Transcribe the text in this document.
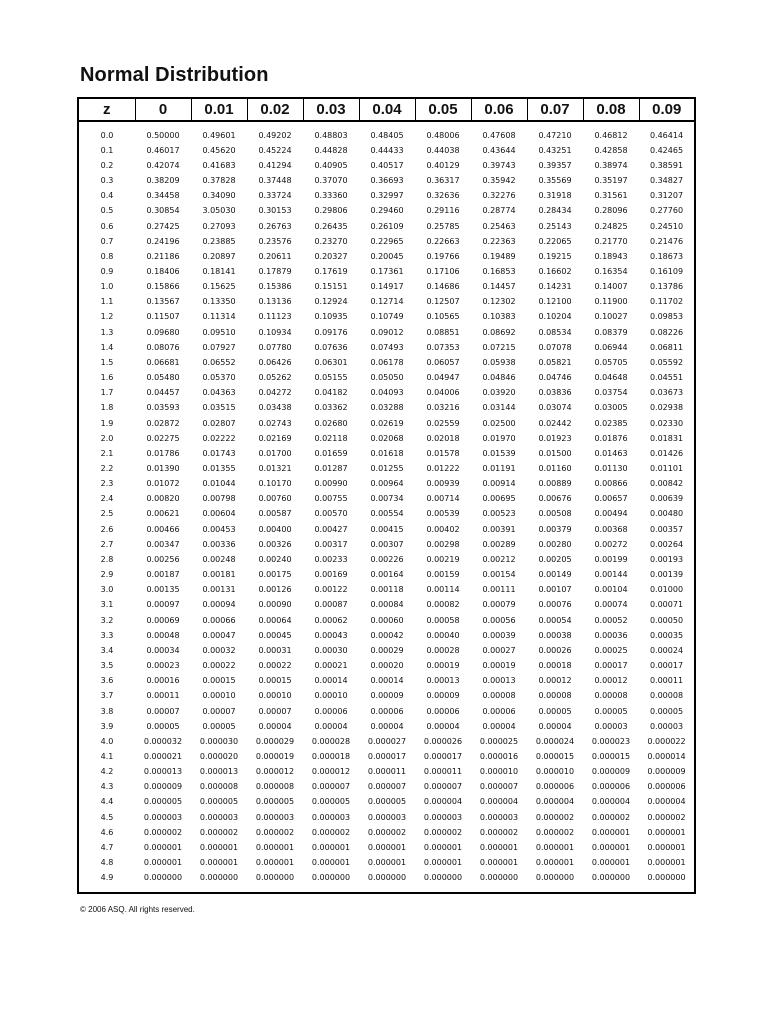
Normal Distribution
z	0	0.01	0.02	0.03	0.04	0.05	0.06	0.07	0.08	0.09

0.0	0.50000	0.49601	0.49202	0.48803	0.48405	0.48006	0.47608	0.47210	0.46812	0.46414
0.1	0.46017	0.45620	0.45224	0.44828	0.44433	0.44038	0.43644	0.43251	0.42858	0.42465
0.2	0.42074	0.41683	0.41294	0.40905	0.40517	0.40129	0.39743	0.39357	0.38974	0.38591
0.3	0.38209	0.37828	0.37448	0.37070	0.36693	0.36317	0.35942	0.35569	0.35197	0.34827
0.4	0.34458	0.34090	0.33724	0.33360	0.32997	0.32636	0.32276	0.31918	0.31561	0.31207
0.5	0.30854	3.05030	0.30153	0.29806	0.29460	0.29116	0.28774	0.28434	0.28096	0.27760
0.6	0.27425	0.27093	0.26763	0.26435	0.26109	0.25785	0.25463	0.25143	0.24825	0.24510
0.7	0.24196	0.23885	0.23576	0.23270	0.22965	0.22663	0.22363	0.22065	0.21770	0.21476
0.8	0.21186	0.20897	0.20611	0.20327	0.20045	0.19766	0.19489	0.19215	0.18943	0.18673
0.9	0.18406	0.18141	0.17879	0.17619	0.17361	0.17106	0.16853	0.16602	0.16354	0.16109
1.0	0.15866	0.15625	0.15386	0.15151	0.14917	0.14686	0.14457	0.14231	0.14007	0.13786
1.1	0.13567	0.13350	0.13136	0.12924	0.12714	0.12507	0.12302	0.12100	0.11900	0.11702
1.2	0.11507	0.11314	0.11123	0.10935	0.10749	0.10565	0.10383	0.10204	0.10027	0.09853
1.3	0.09680	0.09510	0.10934	0.09176	0.09012	0.08851	0.08692	0.08534	0.08379	0.08226
1.4	0.08076	0.07927	0.07780	0.07636	0.07493	0.07353	0.07215	0.07078	0.06944	0.06811
1.5	0.06681	0.06552	0.06426	0.06301	0.06178	0.06057	0.05938	0.05821	0.05705	0.05592
1.6	0.05480	0.05370	0.05262	0.05155	0.05050	0.04947	0.04846	0.04746	0.04648	0.04551
1.7	0.04457	0.04363	0.04272	0.04182	0.04093	0.04006	0.03920	0.03836	0.03754	0.03673
1.8	0.03593	0.03515	0.03438	0.03362	0.03288	0.03216	0.03144	0.03074	0.03005	0.02938
1.9	0.02872	0.02807	0.02743	0.02680	0.02619	0.02559	0.02500	0.02442	0.02385	0.02330
2.0	0.02275	0.02222	0.02169	0.02118	0.02068	0.02018	0.01970	0.01923	0.01876	0.01831
2.1	0.01786	0.01743	0.01700	0.01659	0.01618	0.01578	0.01539	0.01500	0.01463	0.01426
2.2	0.01390	0.01355	0.01321	0.01287	0.01255	0.01222	0.01191	0.01160	0.01130	0.01101
2.3	0.01072	0.01044	0.10170	0.00990	0.00964	0.00939	0.00914	0.00889	0.00866	0.00842
2.4	0.00820	0.00798	0.00760	0.00755	0.00734	0.00714	0.00695	0.00676	0.00657	0.00639
2.5	0.00621	0.00604	0.00587	0.00570	0.00554	0.00539	0.00523	0.00508	0.00494	0.00480
2.6	0.00466	0.00453	0.00400	0.00427	0.00415	0.00402	0.00391	0.00379	0.00368	0.00357
2.7	0.00347	0.00336	0.00326	0.00317	0.00307	0.00298	0.00289	0.00280	0.00272	0.00264
2.8	0.00256	0.00248	0.00240	0.00233	0.00226	0.00219	0.00212	0.00205	0.00199	0.00193
2.9	0.00187	0.00181	0.00175	0.00169	0.00164	0.00159	0.00154	0.00149	0.00144	0.00139
3.0	0.00135	0.00131	0.00126	0.00122	0.00118	0.00114	0.00111	0.00107	0.00104	0.01000
3.1	0.00097	0.00094	0.00090	0.00087	0.00084	0.00082	0.00079	0.00076	0.00074	0.00071
3.2	0.00069	0.00066	0.00064	0.00062	0.00060	0.00058	0.00056	0.00054	0.00052	0.00050
3.3	0.00048	0.00047	0.00045	0.00043	0.00042	0.00040	0.00039	0.00038	0.00036	0.00035
3.4	0.00034	0.00032	0.00031	0.00030	0.00029	0.00028	0.00027	0.00026	0.00025	0.00024
3.5	0.00023	0.00022	0.00022	0.00021	0.00020	0.00019	0.00019	0.00018	0.00017	0.00017
3.6	0.00016	0.00015	0.00015	0.00014	0.00014	0.00013	0.00013	0.00012	0.00012	0.00011
3.7	0.00011	0.00010	0.00010	0.00010	0.00009	0.00009	0.00008	0.00008	0.00008	0.00008
3.8	0.00007	0.00007	0.00007	0.00006	0.00006	0.00006	0.00006	0.00005	0.00005	0.00005
3.9	0.00005	0.00005	0.00004	0.00004	0.00004	0.00004	0.00004	0.00004	0.00003	0.00003
4.0	0.000032	0.000030	0.000029	0.000028	0.000027	0.000026	0.000025	0.000024	0.000023	0.000022
4.1	0.000021	0.000020	0.000019	0.000018	0.000017	0.000017	0.000016	0.000015	0.000015	0.000014
4.2	0.000013	0.000013	0.000012	0.000012	0.000011	0.000011	0.000010	0.000010	0.000009	0.000009
4.3	0.000009	0.000008	0.000008	0.000007	0.000007	0.000007	0.000007	0.000006	0.000006	0.000006
4.4	0.000005	0.000005	0.000005	0.000005	0.000005	0.000004	0.000004	0.000004	0.000004	0.000004
4.5	0.000003	0.000003	0.000003	0.000003	0.000003	0.000003	0.000003	0.000002	0.000002	0.000002
4.6	0.000002	0.000002	0.000002	0.000002	0.000002	0.000002	0.000002	0.000002	0.000001	0.000001
4.7	0.000001	0.000001	0.000001	0.000001	0.000001	0.000001	0.000001	0.000001	0.000001	0.000001
4.8	0.000001	0.000001	0.000001	0.000001	0.000001	0.000001	0.000001	0.000001	0.000001	0.000001
4.9	0.000000	0.000000	0.000000	0.000000	0.000000	0.000000	0.000000	0.000000	0.000000	0.000000

© 2006 ASQ. All rights reserved.
